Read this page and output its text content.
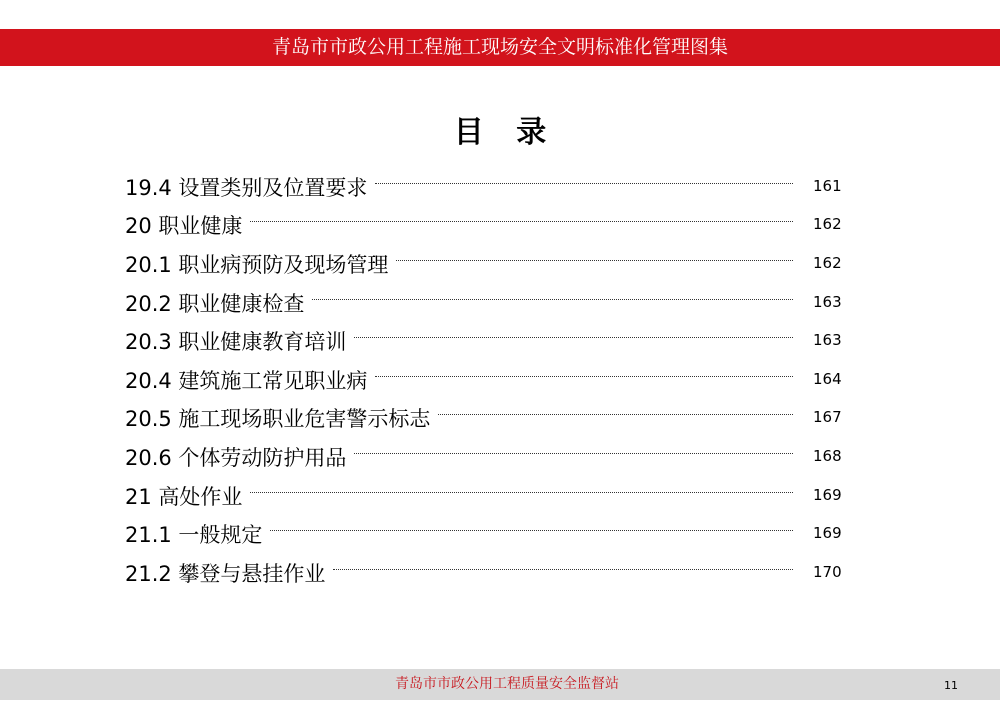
青岛市市政公用工程施工现场安全文明标准化管理图集
目 录
19.4 设置类别及位置要求	161
20 职业健康	162
20.1 职业病预防及现场管理	162
20.2 职业健康检查	163
20.3 职业健康教育培训	163
20.4 建筑施工常见职业病	164
20.5 施工现场职业危害警示标志	167
20.6 个体劳动防护用品	168
21 高处作业	169
21.1 一般规定	169
21.2 攀登与悬挂作业	170
青岛市市政公用工程质量安全监督站	11
